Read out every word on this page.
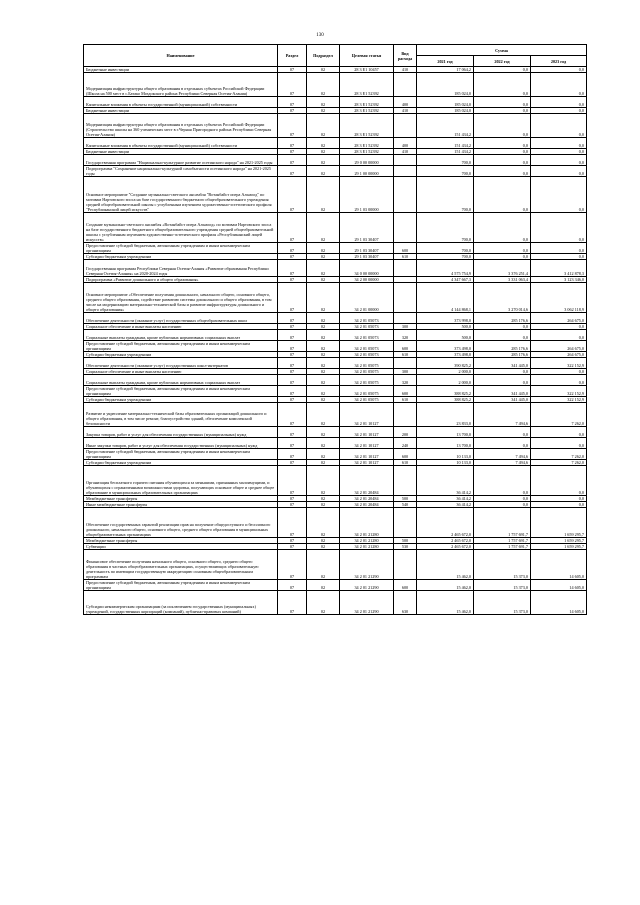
130
Наименование	Раздел	Подраздел	Целевая статья	Вид расхода	Сумма		
					2021 год	2022 год	2023 год
Бюджетные инвестиции	07	02	28 3 E1 10457	410	17 064,2	0,0	0,0
Модернизация инфраструктуры общего образования в отдельных субъектах Российской Федерации (Школа на 500 мест в с.Батако Моздокского района Республики Северная Осетия-Алания)	07	02	28 3 E1 52392		185 024,0	0,0	0,0
Капитальные вложения в объекты государственной (муниципальной) собственности	07	02	28 3 E1 52392	400	185 024,0	0,0	0,0
Бюджетные инвестиции	07	02	28 3 E1 52392	410	185 024,0	0,0	0,0
Модернизация инфраструктуры общего образования в отдельных субъектах Российской Федерации (Строительство школы на 360 ученических мест в г.Черная Пригородного района Республики Северная Осетия-Алания)	07	02	28 3 E1 52392		151 434,2	0,0	0,0
Капитальные вложения в объекты государственной (муниципальной) собственности	07	02	28 3 E1 52392	400	151 434,2	0,0	0,0
Бюджетные инвестиции	07	02	28 3 E1 52392	410	151 434,2	0,0	0,0
Государственная программа "Национально-культурное развитие осетинского народа" на 2021-2025 годы	07	02	29 0 00 00000		700,0	0,0	0,0
Подпрограмма "Сохранение национально-культурной самобытности осетинского народа" на 2021-2025 годы	07	02	29 1 00 00000		700,0	0,0	0,0
Основное мероприятие "Создание музыкально-светского ансамбля "Вотанбайст опера Альмоод" по мотивам Нартовского эпоса на базе государственного бюджетного общеобразовательного учреждения средней общеобразовательной школы с углубленным изучением художественно-эстетического профиля "Республиканский лицей искусств"	07	02	29 1 03 00000		700,0	0,0	0,0
Создание музыкально-светского ансамбля «Вотанбайст опера Альмоод» по мотивам Нартовского эпоса на базе государственного бюджетного общеобразовательного учреждения средней общеобразовательной школы с углубленным изучением художественно-эстетического профиля «Республиканский лицей искусств»	07	02	29 1 03 30407		700,0	0,0	0,0
Предоставление субсидий бюджетным, автономным учреждениям и иным некоммерческим организациям	07	02	29 1 03 30407	600	700,0	0,0	0,0
Субсидии бюджетным учреждениям	07	02	29 1 03 30407	610	700,0	0,0	0,0
Государственная программа Республики Северная Осетия-Алания «Развитие образования Республики Северная Осетия-Алания» на 2020-2024 годы	07	02	34 0 00 00000		4 575 754,9	3 376 251,4	3 412 878,3
Подпрограмма «Развитие дошкольного и общего образования»	07	02	34 2 00 00000		4 347 667,3	3 331 063,4	3 123 346,0
Основное мероприятие «Обеспечение получения дошкольного, начального общего, основного общего, среднего общего образования, содействие развитию системы дошкольного и общего образования, в том числе на модернизацию материально-технической базы и развитие инфраструктуры дошкольного и общего образования»	07	02	34 2 01 00000		4 144 868,1	3 270 014,6	3 062 118,9
Обеспечение деятельности (оказание услуг) государственных общеобразовательных школ	07	02	34 2 01 05073		373 998,0	285 176,6	264 675,0
Социальное обеспечение и иные выплаты населению	07	02	34 2 01 05073	300	500,0	0,0	0,0
Социальные выплаты гражданам, кроме публичных нормативных социальных выплат	07	02	34 2 01 05073	320	500,0	0,0	0,0
Предоставление субсидий бюджетным, автономным учреждениям и иным некоммерческим организациям	07	02	34 2 01 05073	600	373 498,0	285 176,6	264 675,0
Субсидии бюджетным учреждениям	07	02	34 2 01 05073	610	373 498,0	285 176,6	264 675,0
Обеспечение деятельности (оказание услуг) государственных школ-интернатов	07	02	34 2 01 05075		390 825,2	341 445,0	322 152,9
Социальное обеспечение и иные выплаты населению	07	02	34 2 01 05075	300	2 000,0	0,0	0,0
Социальные выплаты гражданам, кроме публичных нормативных социальных выплат	07	02	34 2 01 05075	320	2 000,0	0,0	0,0
Предоставление субсидий бюджетным, автономным учреждениям и иным некоммерческим организациям	07	02	34 2 01 05075	600	388 825,2	341 445,0	322 152,9
Субсидии бюджетным учреждениям	07	02	34 2 01 05075	610	388 825,2	341 445,0	322 152,9
Развитие и укрепление материально-технической базы образовательных организаций дошкольного и общего образования, в том числе ремонт, благоустройство зданий, обеспечение комплексной безопасности	07	02	34 2 01 10127		23 833,0	7 494,6	7 262,0
Закупка товаров, работ и услуг для обеспечения государственных (муниципальных) нужд	07	02	34 2 01 10127	200	13 700,0	0,0	0,0
Иные закупки товаров, работ и услуг для обеспечения государственных (муниципальных) нужд	07	02	34 2 01 10127	240	13 700,0	0,0	0,0
Предоставление субсидий бюджетным, автономным учреждениям и иным некоммерческим организациям	07	02	34 2 01 10127	600	10 133,0	7 494,6	7 262,0
Субсидии бюджетным учреждениям	07	02	34 2 01 10127	610	10 133,0	7 494,6	7 262,0
Организация бесплатного горячего питания обучающихся за меньшими, признанных малоимущими, и обучающихся с ограниченными возможностями здоровья, получающих основное общее и среднее общее образование в муниципальных образовательных организациях	07	02	34 2 01 20484		36 414,2	0,0	0,0
Межбюджетные трансферты	07	02	34 2 01 20484	500	36 414,2	0,0	0,0
Иные межбюджетные трансферты	07	02	34 2 01 20484	540	36 414,2	0,0	0,0
Обеспечение государственных гарантий реализации прав на получение общедоступного и бесплатного дошкольного, начального общего, основного общего, среднего общего образования в муниципальных общеобразовательных организациях	07	02	34 2 01 21280		2 465 672,0	1 757 691,7	1 659 295,7
Межбюджетные трансферты	07	02	34 2 01 21280	500	2 465 672,0	1 757 691,7	1 659 295,7
Субвенции	07	02	34 2 01 21280	530	2 465 672,0	1 757 691,7	1 659 295,7
Финансовое обеспечение получения начального общего, основного общего, среднего общего образования в частных общеобразовательных организациях, осуществляющих образовательную деятельность по имеющим государственную аккредитацию основным общеобразовательным программам	07	02	34 2 01 21290		15 462,0	15 373,0	14 605,0
Предоставление субсидий бюджетным, автономным учреждениям и иным некоммерческим организациям	07	02	34 2 01 21290	600	15 462,0	15 373,0	14 605,0
Субсидии некоммерческим организациям (за исключением государственных (муниципальных) учреждений, государственных корпораций (компаний), публично-правовых компаний)	07	02	34 2 01 21290	630	15 462,0	15 373,0	14 605,0
